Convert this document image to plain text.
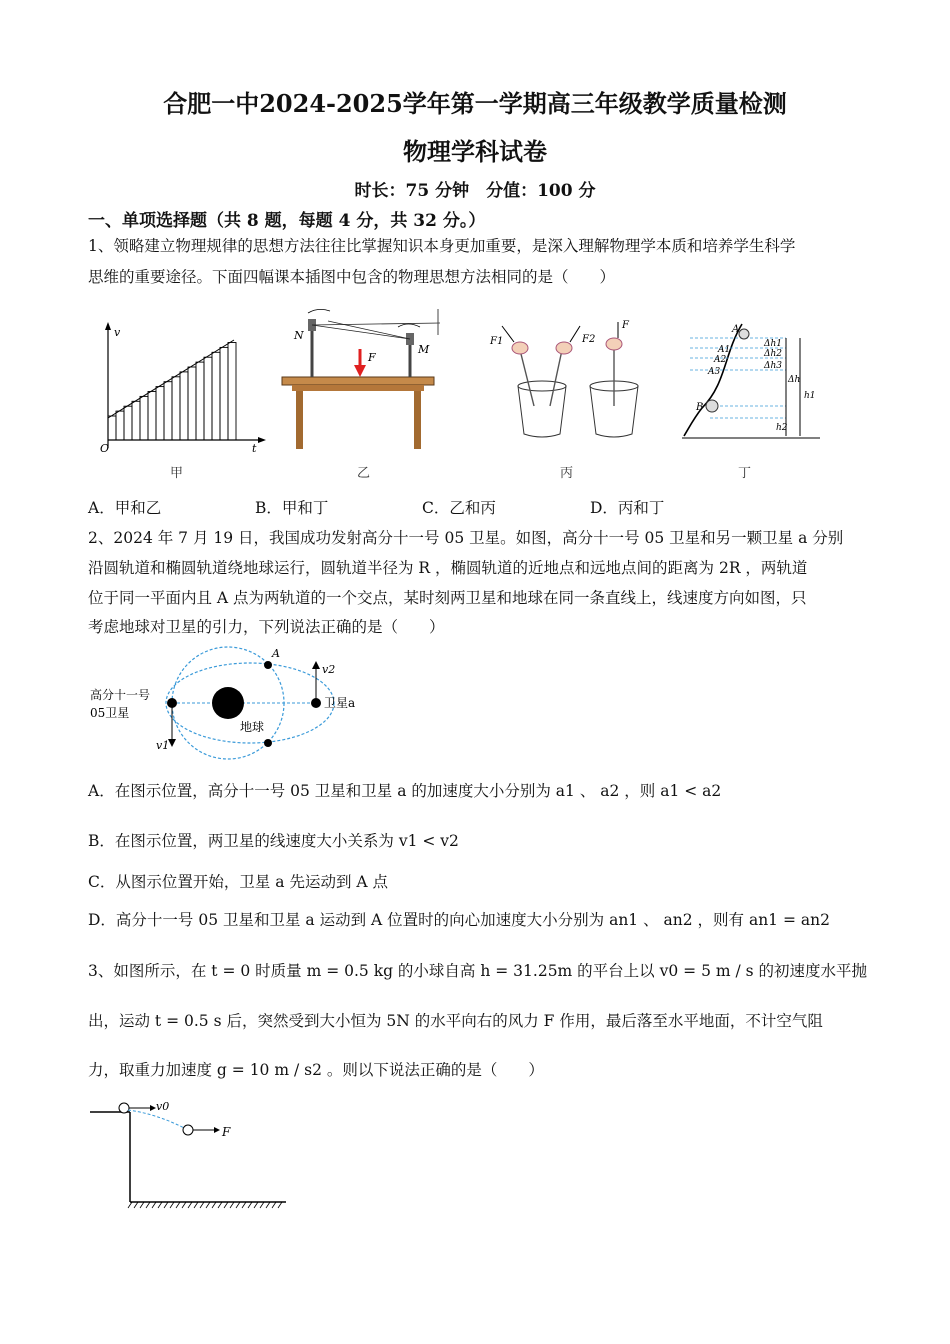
合肥一中2024-2025学年第一学期高三年级教学质量检测
物理学科试卷
时长：75 分钟　分值：100 分
一、单项选择题（共 8 题，每题 4 分，共 32 分。）
1、领略建立物理规律的思想方法往往比掌握知识本身更加重要，是深入理解物理学本质和培养学生科学
思维的重要途径。下面四幅课本插图中包含的物理思想方法相同的是（　　）
v
t
O
甲
N
M
F
乙
F1	F2
F
丙
A
A1
A2
A3
B
Δh1
Δh2
Δh3
Δh
h1
h2
丁
A．甲和乙	B．甲和丁	C．乙和丙	D．丙和丁
2、2024 年 7 月 19 日，我国成功发射高分十一号 05 卫星。如图，高分十一号 05 卫星和另一颗卫星 a 分别
沿圆轨道和椭圆轨道绕地球运行，圆轨道半径为 R ，椭圆轨道的近地点和远地点间的距离为 2R ，两轨道
位于同一平面内且 A 点为两轨道的一个交点，某时刻两卫星和地球在同一条直线上，线速度方向如图，只
考虑地球对卫星的引力，下列说法正确的是（　　）
高分十一号
05卫星
地球
卫星a
A
v1
v2
A．在图示位置，高分十一号 05 卫星和卫星 a 的加速度大小分别为 a1 、 a2 ，则 a1 < a2
B．在图示位置，两卫星的线速度大小关系为 v1 < v2
C．从图示位置开始，卫星 a 先运动到 A 点
D．高分十一号 05 卫星和卫星 a 运动到 A 位置时的向心加速度大小分别为 an1 、 an2 ，则有 an1 = an2
3、如图所示，在 t = 0 时质量 m = 0.5 kg 的小球自高 h = 31.25m 的平台上以 v0 = 5 m / s 的初速度水平抛
出，运动 t = 0.5 s 后，突然受到大小恒为 5N 的水平向右的风力 F 作用，最后落至水平地面，不计空气阻
力，取重力加速度 g = 10 m / s2 。则以下说法正确的是（　　）
v0
F
